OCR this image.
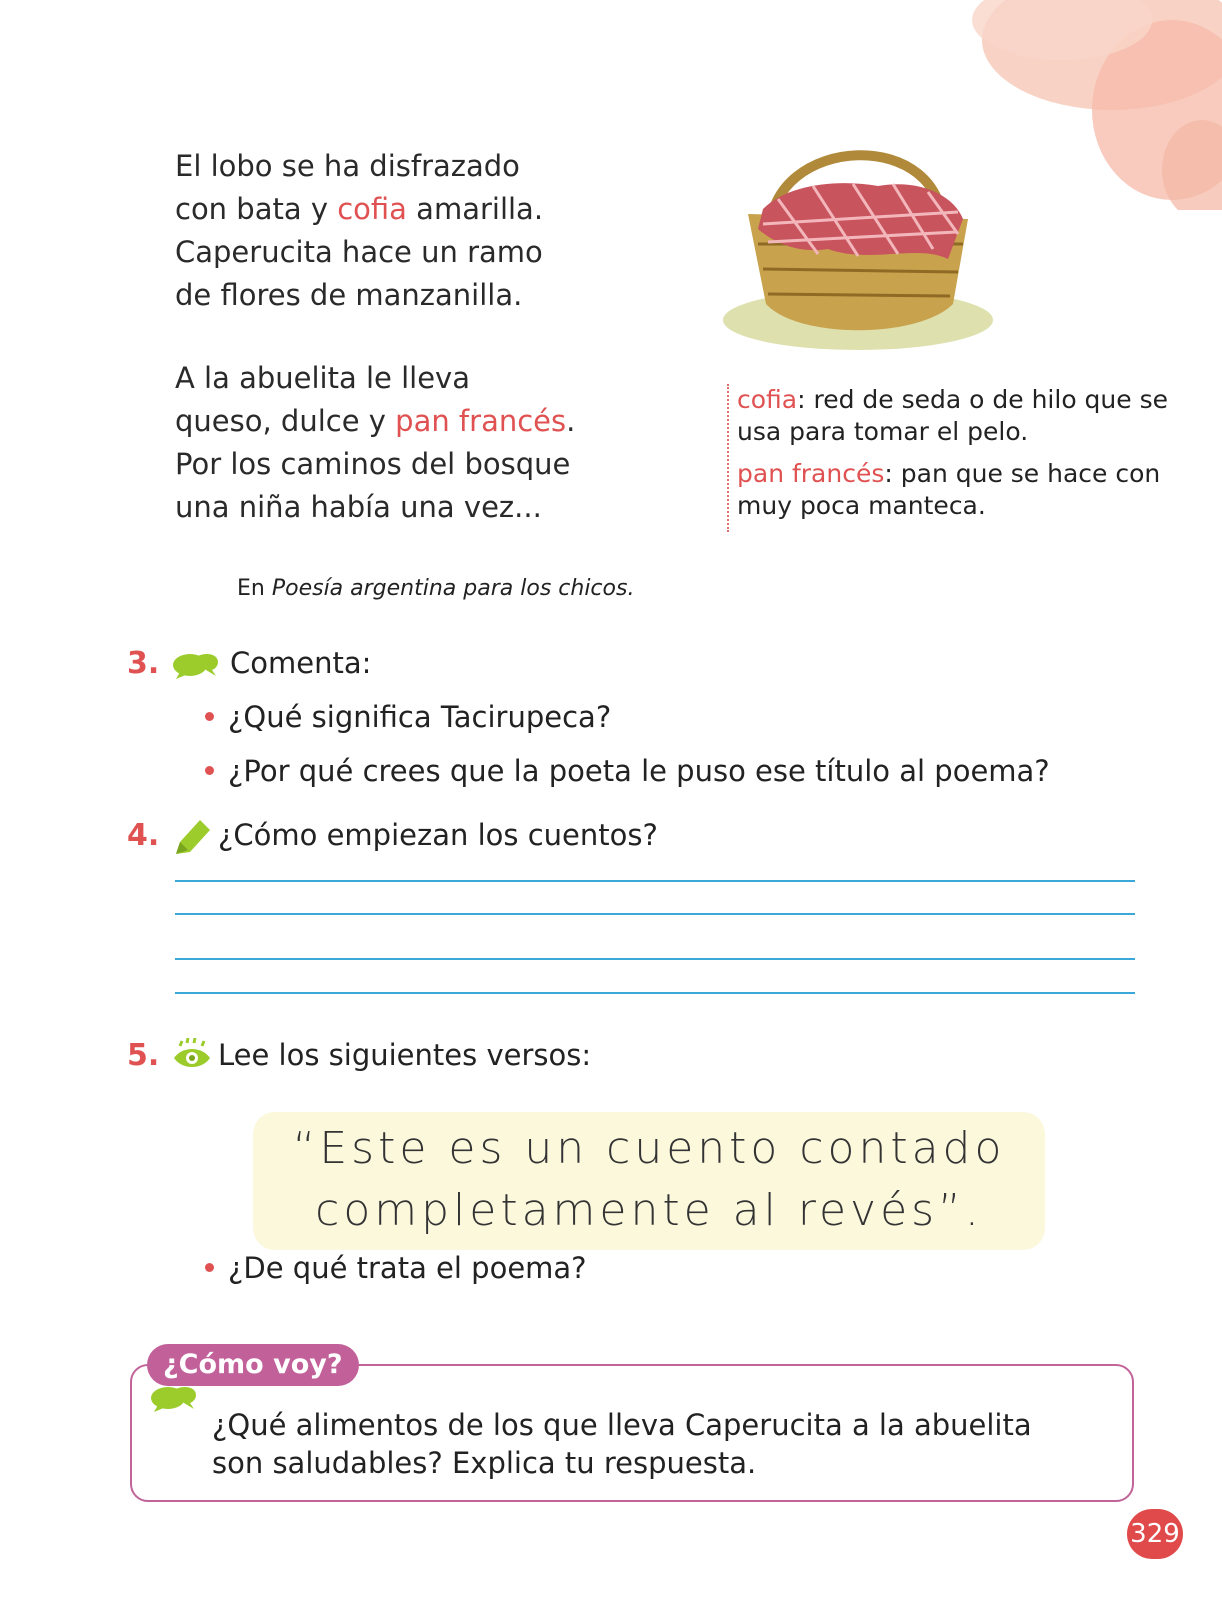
El lobo se ha disfrazado
con bata y cofia amarilla.
Caperucita hace un ramo
de flores de manzanilla.
A la abuelita le lleva
queso, dulce y pan francés.
Por los caminos del bosque
una niña había una vez...
cofia: red de seda o de hilo que se usa para tomar el pelo.
pan francés: pan que se hace con muy poca manteca.
En Poesía argentina para los chicos.
3. Comenta:
¿Qué significa Tacirupeca?
¿Por qué crees que la poeta le puso ese título al poema?
4. ¿Cómo empiezan los cuentos?
5. Lee los siguientes versos:
“Este es un cuento contado
completamente al revés”.
¿De qué trata el poema?
¿Cómo voy?
¿Qué alimentos de los que lleva Caperucita a la abuelita
son saludables? Explica tu respuesta.
329
